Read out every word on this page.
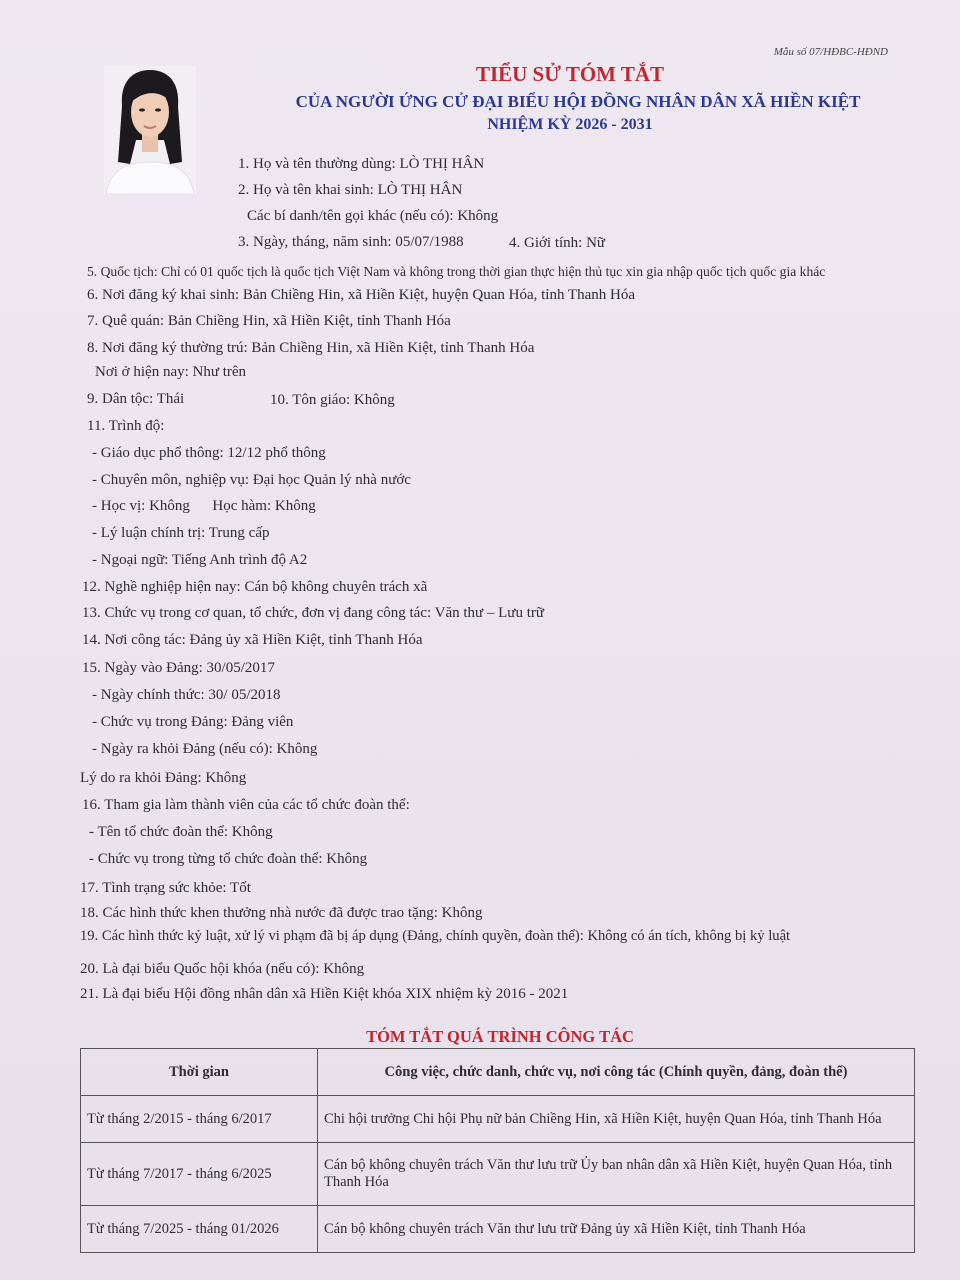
Mẫu số 07/HĐBC-HĐND
TIỂU SỬ TÓM TẮT
CỦA NGƯỜI ỨNG CỬ ĐẠI BIỂU HỘI ĐỒNG NHÂN DÂN XÃ HIỀN KIỆT
NHIỆM KỲ 2026 - 2031
1. Họ và tên thường dùng: LÒ THỊ HÂN
2. Họ và tên khai sinh: LÒ THỊ HÂN
Các bí danh/tên gọi khác (nếu có): Không
3. Ngày, tháng, năm sinh: 05/07/1988	4. Giới tính: Nữ
5. Quốc tịch: Chỉ có 01 quốc tịch là quốc tịch Việt Nam và không trong thời gian thực hiện thủ tục xin gia nhập quốc tịch quốc gia khác
6. Nơi đăng ký khai sinh: Bản Chiềng Hin, xã Hiền Kiệt, huyện Quan Hóa, tỉnh Thanh Hóa
7. Quê quán: Bản Chiềng Hin, xã Hiền Kiệt, tỉnh Thanh Hóa
8. Nơi đăng ký thường trú: Bản Chiềng Hin, xã Hiền Kiệt, tỉnh Thanh Hóa
Nơi ở hiện nay: Như trên
9. Dân tộc: Thái	10. Tôn giáo: Không
11. Trình độ:
- Giáo dục phổ thông: 12/12 phổ thông
- Chuyên môn, nghiệp vụ: Đại học Quản lý nhà nước
- Học vị: Không      Học hàm: Không
- Lý luận chính trị: Trung cấp
- Ngoại ngữ: Tiếng Anh trình độ A2
12. Nghề nghiệp hiện nay: Cán bộ không chuyên trách xã
13. Chức vụ trong cơ quan, tổ chức, đơn vị đang công tác: Văn thư – Lưu trữ
14. Nơi công tác: Đảng ủy xã Hiền Kiệt, tỉnh Thanh Hóa
15. Ngày vào Đảng: 30/05/2017
- Ngày chính thức: 30/ 05/2018
- Chức vụ trong Đảng: Đảng viên
- Ngày ra khỏi Đảng (nếu có): Không
Lý do ra khỏi Đảng: Không
16. Tham gia làm thành viên của các tổ chức đoàn thể:
- Tên tổ chức đoàn thể: Không
- Chức vụ trong từng tổ chức đoàn thể: Không
17. Tình trạng sức khỏe: Tốt
18. Các hình thức khen thưởng nhà nước đã được trao tặng: Không
19. Các hình thức kỷ luật, xử lý vi phạm đã bị áp dụng (Đảng, chính quyền, đoàn thể): Không có án tích, không bị kỷ luật
20. Là đại biểu Quốc hội khóa (nếu có): Không
21. Là đại biểu Hội đồng nhân dân xã Hiền Kiệt khóa XIX nhiệm kỳ 2016 - 2021
TÓM TẮT QUÁ TRÌNH CÔNG TÁC
Thời gian	Công việc, chức danh, chức vụ, nơi công tác (Chính quyền, đảng, đoàn thể)
Từ tháng 2/2015 - tháng 6/2017	Chi hội trưởng Chi hội Phụ nữ bản Chiềng Hin, xã Hiền Kiệt, huyện Quan Hóa, tỉnh Thanh Hóa
Từ tháng 7/2017 - tháng 6/2025	Cán bộ không chuyên trách Văn thư lưu trữ Ủy ban nhân dân xã Hiền Kiệt, huyện Quan Hóa, tỉnh Thanh Hóa
Từ tháng 7/2025 - tháng 01/2026	Cán bộ không chuyên trách Văn thư lưu trữ Đảng ủy xã Hiền Kiệt, tỉnh Thanh Hóa
